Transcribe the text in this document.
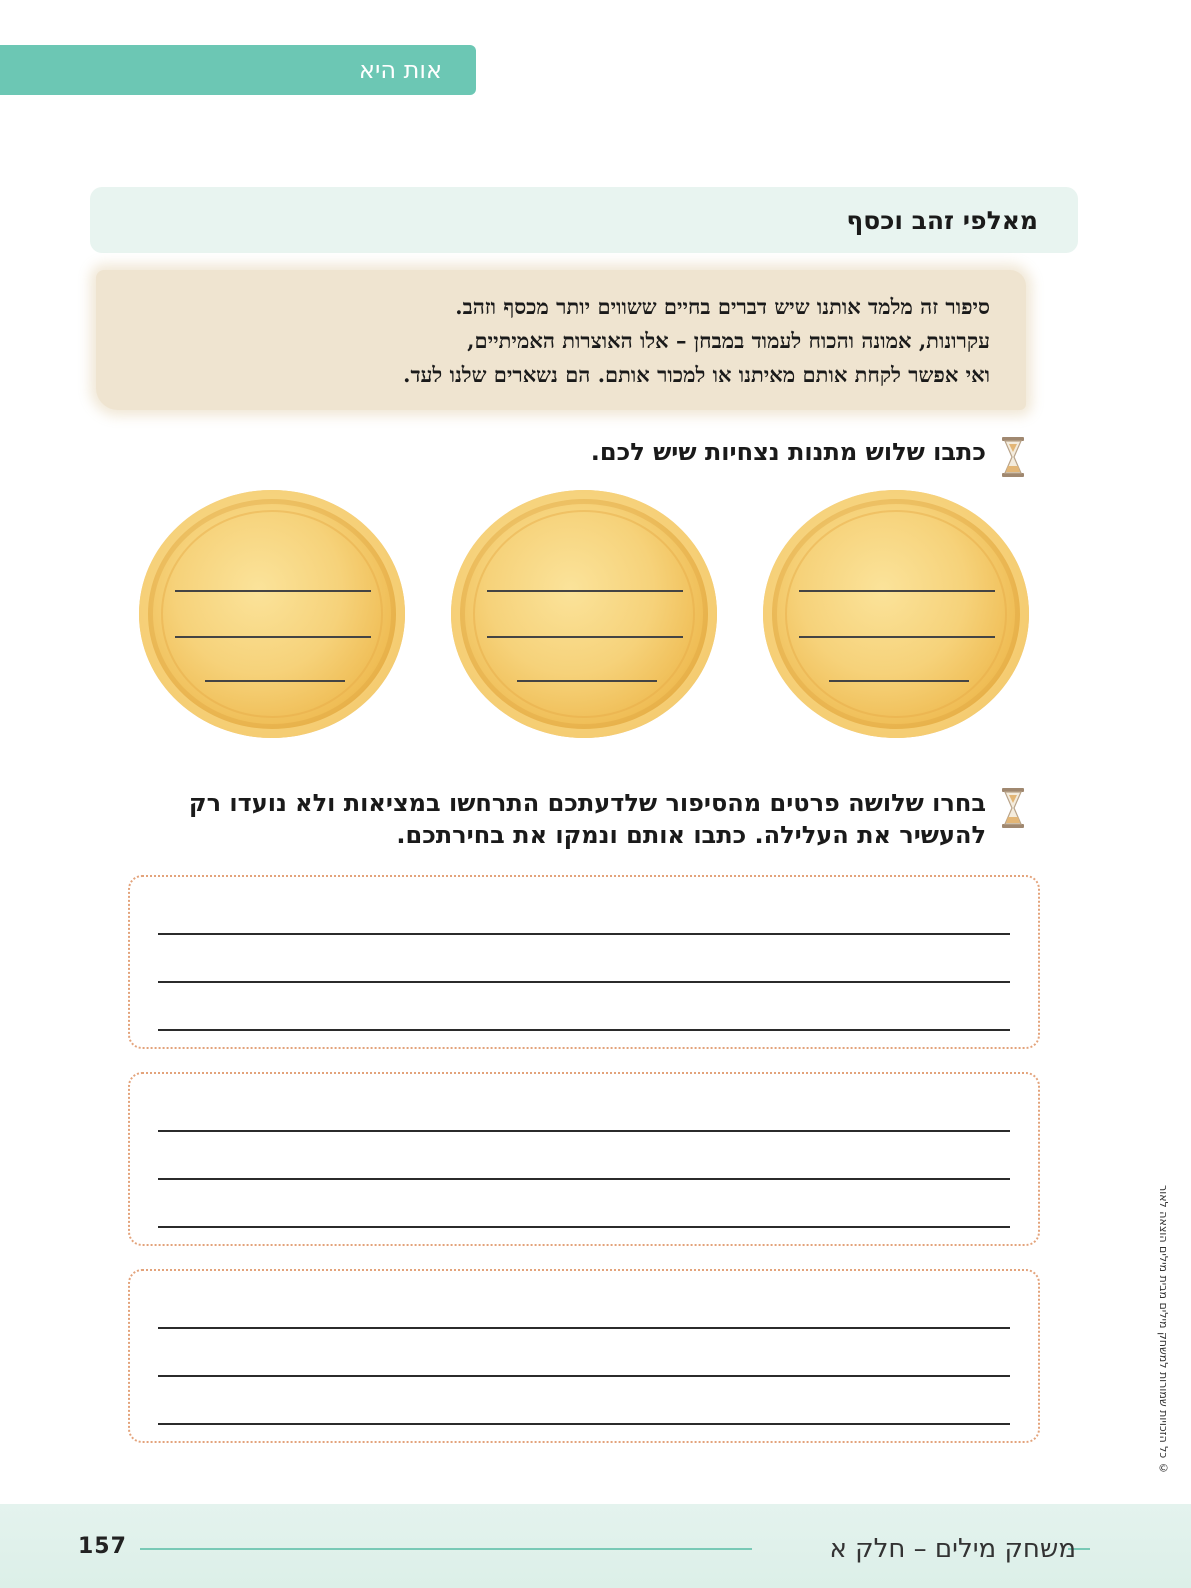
אות היא
מאלפי זהב וכסף

סיפור זה מלמד אותנו שיש דברים בחיים ששווים יותר מכסף וזהב.

עקרונות, אמונה והכוח לעמוד במבחן – אלו האוצרות האמיתיים,

ואי אפשר לקחת אותם מאיתנו או למכור אותם. הם נשארים שלנו לעד.

כתבו שלוש מתנות נצחיות שיש לכם.
בחרו שלושה פרטים מהסיפור שלדעתכם התרחשו במציאות ולא נועדו רק
להעשיר את העלילה. כתבו אותם ונמקו את בחירתכם.
© כל הזכויות שמורות למשחק מילים מבית מילים הוצאה לאור
משחק מילים – חלק א
157
